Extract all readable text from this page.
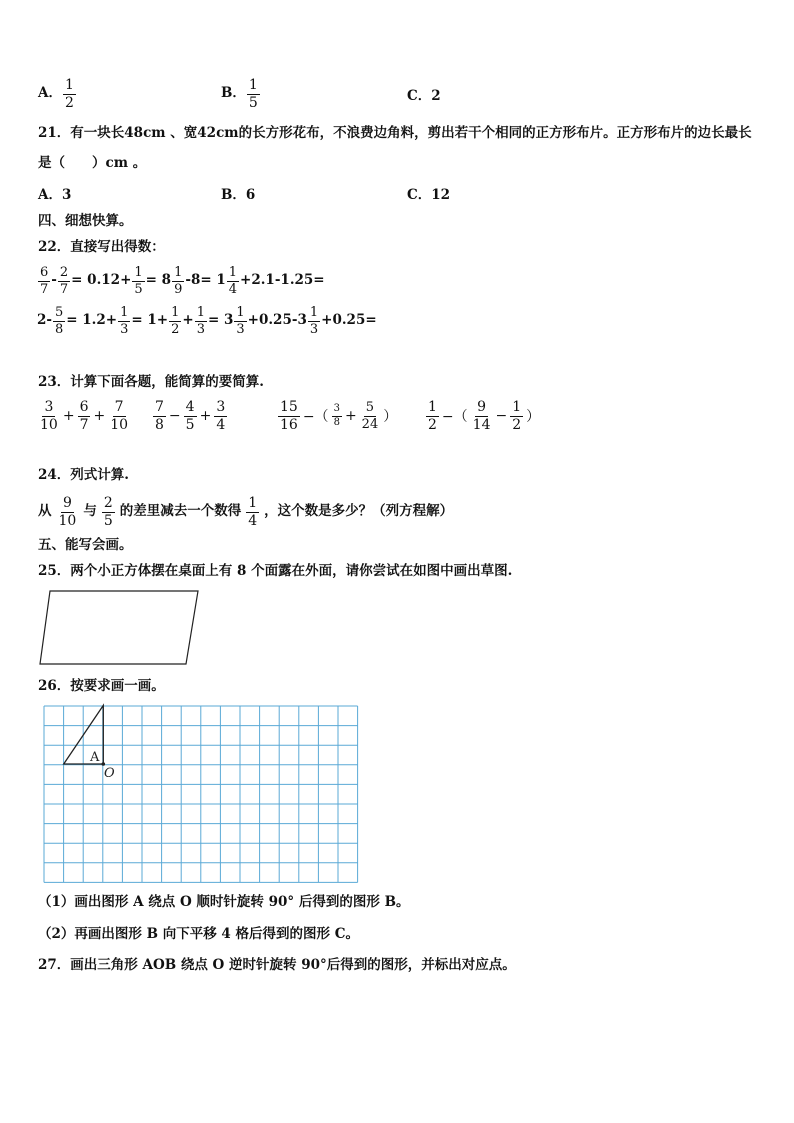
A． $\frac{1}{2}$	B． $\frac{1}{5}$	C．2
21．有一块长48cm 、宽42cm的长方形花布，不浪费边角料，剪出若干个相同的正方形布片。正方形布片的边长最长
是（　　）cm 。
A．3	B．6	C．12
四、细想快算。
22．直接写出得数：
$\frac{6}{7} - \frac{2}{7} = 0.12+ \frac{1}{5} = 8 \frac{1}{9} -8= 1 \frac{1}{4} +2.1-1.25=$
$2- \frac{5}{8} = 1.2+ \frac{1}{3} = 1+ \frac{1}{2} + \frac{1}{3} = 3 \frac{1}{3} +0.25-3 \frac{1}{3} +0.25=$
23．计算下面各题，能简算的要简算.
$\frac{3}{10} + \frac{6}{7} + \frac{7}{10} \frac{7}{8} - \frac{4}{5} + \frac{3}{4}$	$\frac{15}{16}$ −（ $\frac{3}{8} + \frac{5}{24}$ ） $\frac{1}{2}$ −（ $\frac{9}{14} - \frac{1}{2}$ ）
24．列式计算.
从 $\frac{9}{10}$ 与 $\frac{2}{5}$ 的差里减去一个数得 $\frac{1}{4}$ ，这个数是多少？（列方程解）
五、能写会画。
25．两个小正方体摆在桌面上有 8 个面露在外面，请你尝试在如图中画出草图.
26．按要求画一画。
A
O
（1）画出图形 A 绕点 O 顺时针旋转 90° 后得到的图形 B。
（2）再画出图形 B 向下平移 4 格后得到的图形 C。
27．画出三角形 AOB 绕点 O 逆时针旋转 90°后得到的图形，并标出对应点。
